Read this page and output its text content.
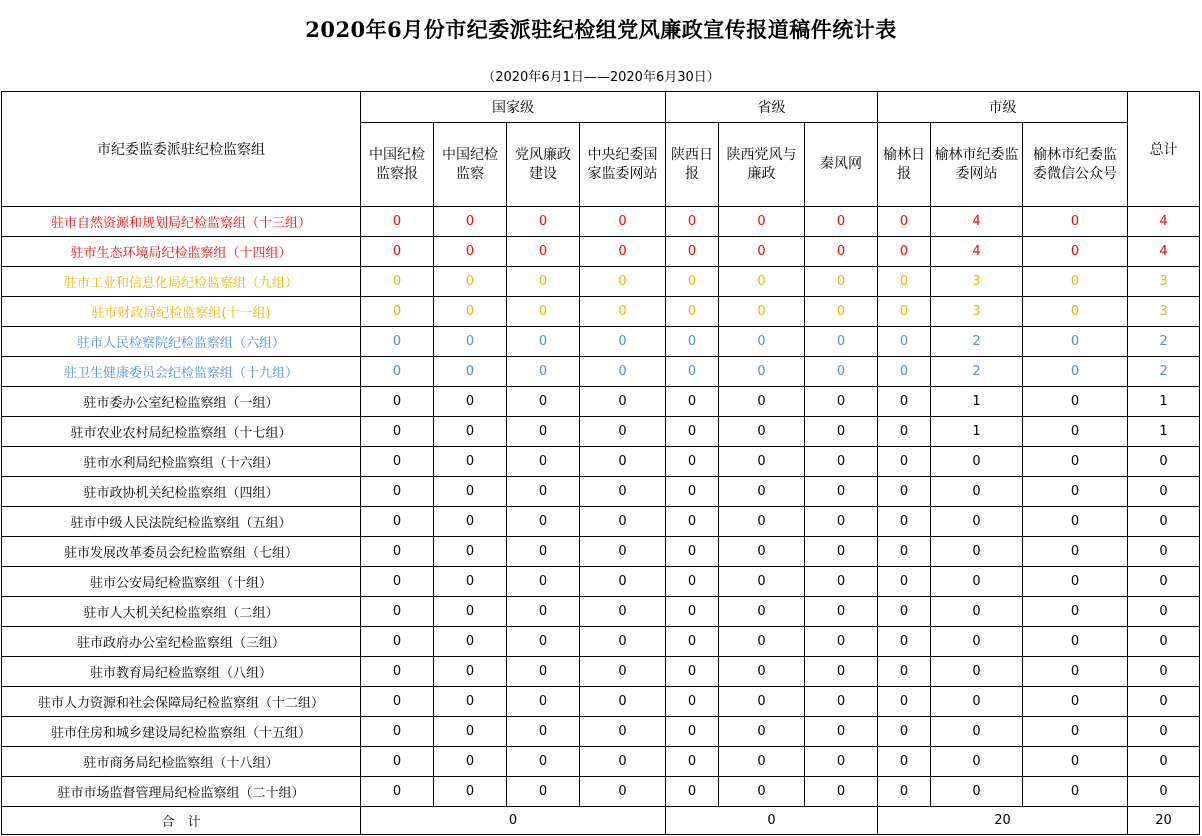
2020年6月份市纪委派驻纪检组党风廉政宣传报道稿件统计表
（2020年6月1日——2020年6月30日）
市纪委监委派驻纪检监察组	国家级				省级			市级			总计
	中国纪检监察报	中国纪检监察	党风廉政建设	中央纪委国家监委网站	陕西日报	陕西党风与廉政	秦风网	榆林日报	榆林市纪委监委网站	榆林市纪委监委微信公众号	
驻市自然资源和规划局纪检监察组（十三组）	0	0	0	0	0	0	0	0	4	0	4
驻市生态环境局纪检监察组（十四组）	0	0	0	0	0	0	0	0	4	0	4
驻市工业和信息化局纪检监察组（九组）	0	0	0	0	0	0	0	0	3	0	3
驻市财政局纪检监察组(十一组)	0	0	0	0	0	0	0	0	3	0	3
驻市人民检察院纪检监察组（六组）	0	0	0	0	0	0	0	0	2	0	2
驻卫生健康委员会纪检监察组（十九组）	0	0	0	0	0	0	0	0	2	0	2
驻市委办公室纪检监察组（一组）	0	0	0	0	0	0	0	0	1	0	1
驻市农业农村局纪检监察组（十七组）	0	0	0	0	0	0	0	0	1	0	1
驻市水利局纪检监察组（十六组）	0	0	0	0	0	0	0	0	0	0	0
驻市政协机关纪检监察组（四组）	0	0	0	0	0	0	0	0	0	0	0
驻市中级人民法院纪检监察组（五组）	0	0	0	0	0	0	0	0	0	0	0
驻市发展改革委员会纪检监察组（七组）	0	0	0	0	0	0	0	0	0	0	0
驻市公安局纪检监察组（十组）	0	0	0	0	0	0	0	0	0	0	0
驻市人大机关纪检监察组（二组）	0	0	0	0	0	0	0	0	0	0	0
驻市政府办公室纪检监察组（三组）	0	0	0	0	0	0	0	0	0	0	0
驻市教育局纪检监察组（八组）	0	0	0	0	0	0	0	0	0	0	0
驻市人力资源和社会保障局纪检监察组（十二组）	0	0	0	0	0	0	0	0	0	0	0
驻市住房和城乡建设局纪检监察组（十五组）	0	0	0	0	0	0	0	0	0	0	0
驻市商务局纪检监察组（十八组）	0	0	0	0	0	0	0	0	0	0	0
驻市市场监督管理局纪检监察组（二十组）	0	0	0	0	0	0	0	0	0	0	0
合　计	0				0			20			20
